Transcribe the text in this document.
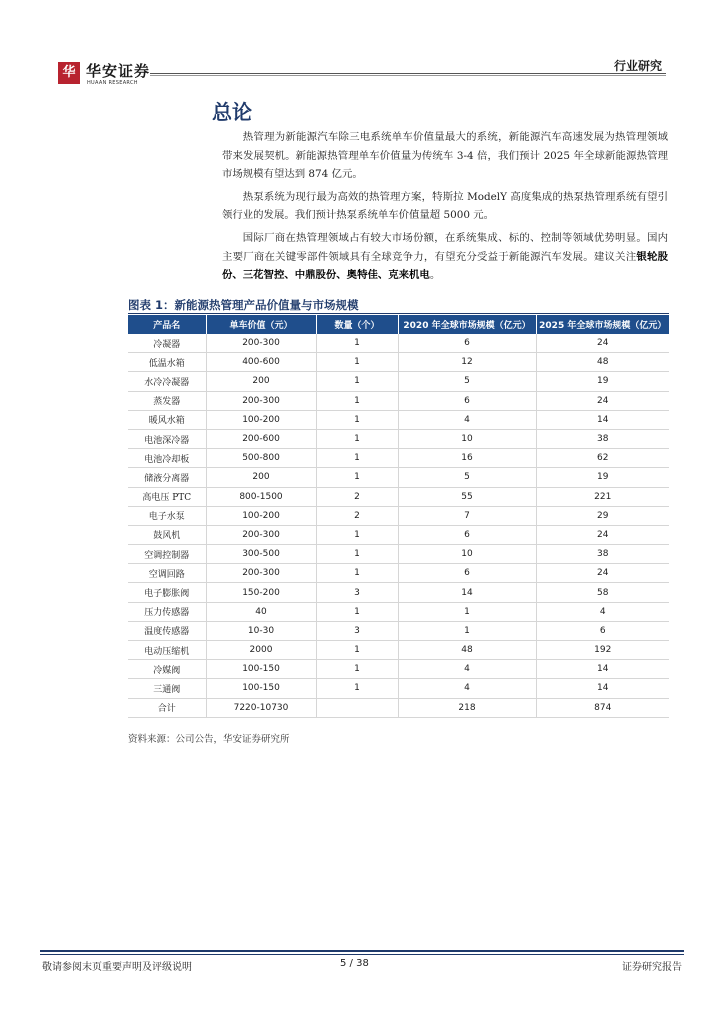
华 华安证券
HUAAN RESEARCH
行业研究
总论

热管理为新能源汽车除三电系统单车价值量最大的系统，新能源汽车高速发展为热管理领域带来发展契机。新能源热管理单车价值量为传统车 3-4 倍，我们预计 2025 年全球新能源热管理市场规模有望达到 874 亿元。

热泵系统为现行最为高效的热管理方案，特斯拉 ModelY 高度集成的热泵热管理系统有望引领行业的发展。我们预计热泵系统单车价值量超 5000 元。

国际厂商在热管理领域占有较大市场份额，在系统集成、标的、控制等领域优势明显。国内主要厂商在关键零部件领域具有全球竞争力，有望充分受益于新能源汽车发展。建议关注银轮股份、三花智控、中鼎股份、奥特佳、克来机电。

图表 1：新能源热管理产品价值量与市场规模
产品名	单车价值（元）	数量（个）	2020 年全球市场规模（亿元）	2025 年全球市场规模（亿元）
冷凝器	200-300	1	6	24
低温水箱	400-600	1	12	48
水冷冷凝器	200	1	5	19
蒸发器	200-300	1	6	24
暖风水箱	100-200	1	4	14
电池深冷器	200-600	1	10	38
电池冷却板	500-800	1	16	62
储液分离器	200	1	5	19
高电压 PTC	800-1500	2	55	221
电子水泵	100-200	2	7	29
鼓风机	200-300	1	6	24
空调控制器	300-500	1	10	38
空调回路	200-300	1	6	24
电子膨胀阀	150-200	3	14	58
压力传感器	40	1	1	4
温度传感器	10-30	3	1	6
电动压缩机	2000	1	48	192
冷媒阀	100-150	1	4	14
三通阀	100-150	1	4	14
合计	7220-10730		218	874
资料来源：公司公告，华安证券研究所
敬请参阅末页重要声明及评级说明	5 / 38	证券研究报告
